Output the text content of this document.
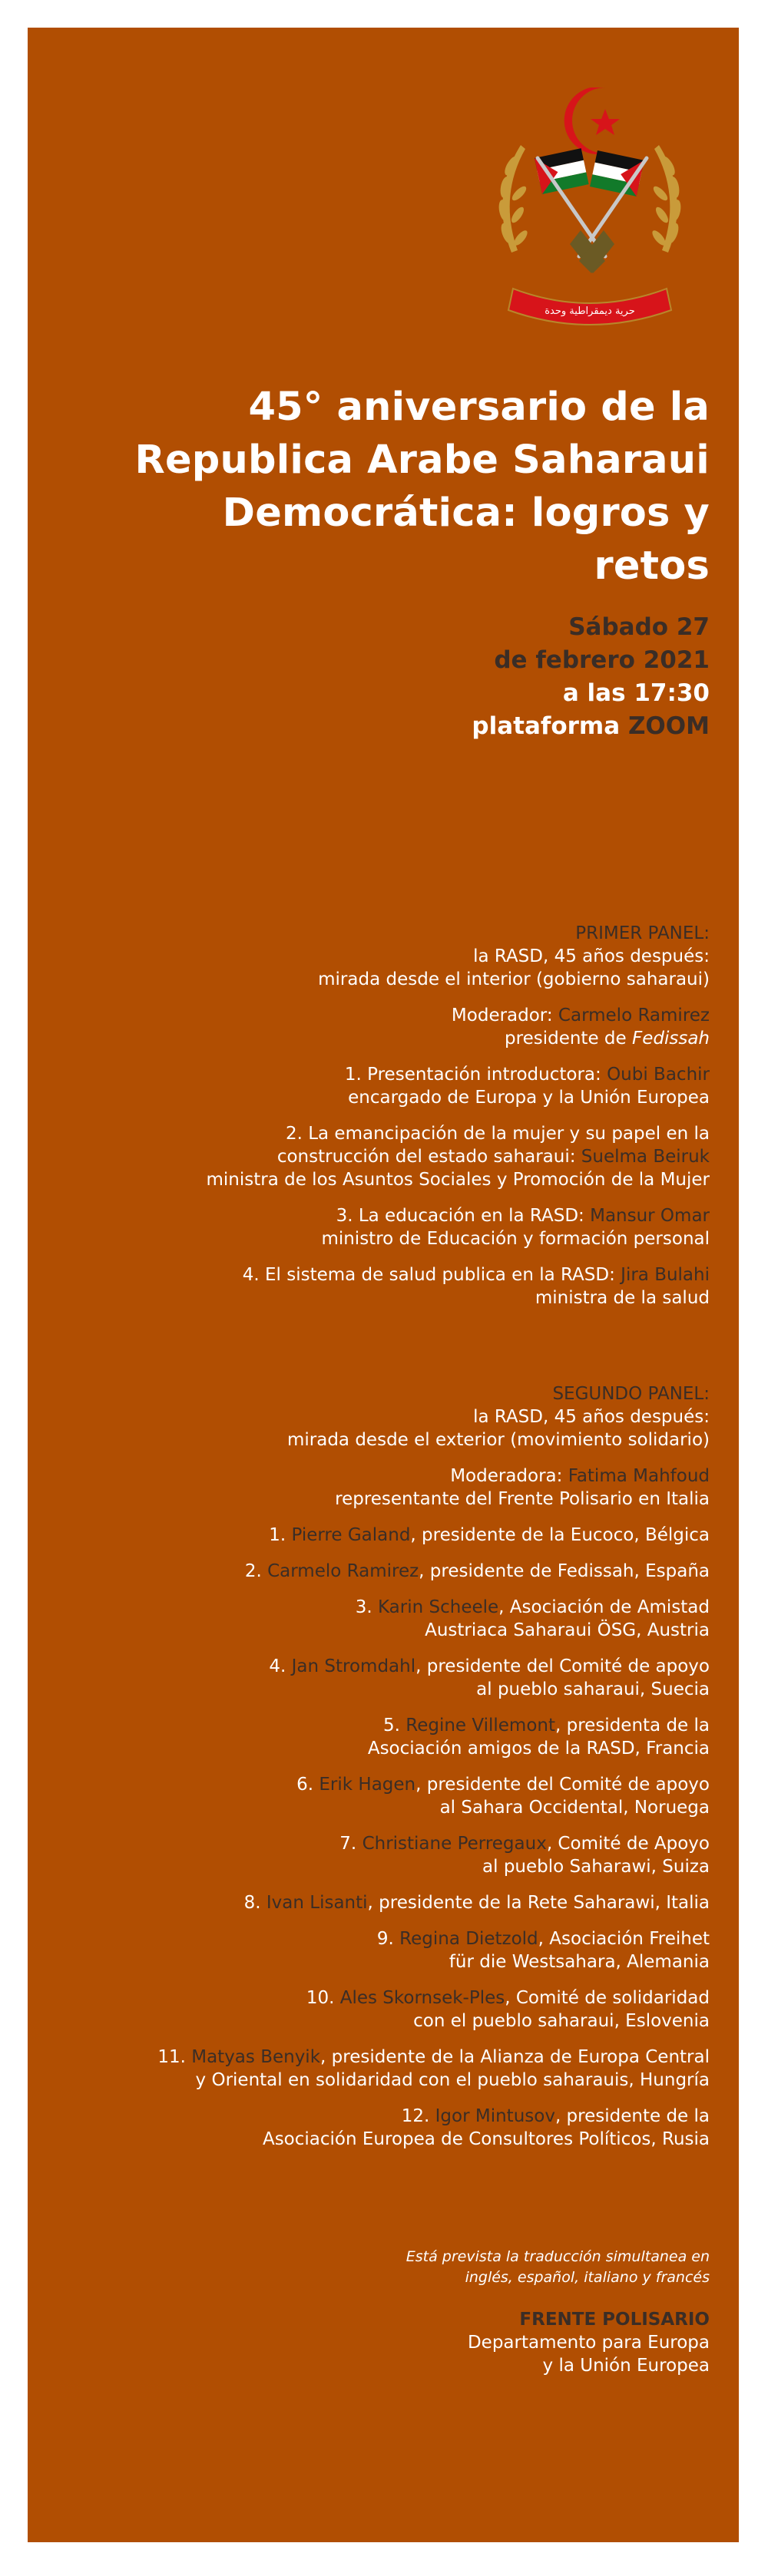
حرية ديمقراطية وحدة
45° aniversario de la
Republica Arabe Saharaui
Democrática: logros y retos
Sábado 27
de febrero 2021
a las 17:30
plataforma ZOOM
PRIMER PANEL:
la RASD, 45 años después:
mirada desde el interior (gobierno saharaui)
Moderador: Carmelo Ramirez
presidente de Fedissah
1. Presentación introductora: Oubi Bachir
encargado de Europa y la Unión Europea
2. La emancipación de la mujer y su papel en la
construcción del estado saharaui: Suelma Beiruk
ministra de los Asuntos Sociales y Promoción de la Mujer
3. La educación en la RASD: Mansur Omar
ministro de Educación y formación personal
4. El sistema de salud publica en la RASD: Jira Bulahi
ministra de la salud
SEGUNDO PANEL:
la RASD, 45 años después:
mirada desde el exterior (movimiento solidario)
Moderadora: Fatima Mahfoud
representante del Frente Polisario en Italia
1. Pierre Galand, presidente de la Eucoco, Bélgica
2. Carmelo Ramirez, presidente de Fedissah, España
3. Karin Scheele, Asociación de Amistad
Austriaca Saharaui ÖSG, Austria
4. Jan Stromdahl, presidente del Comité de apoyo
al pueblo saharaui, Suecia
5. Regine Villemont, presidenta de la
Asociación amigos de la RASD, Francia
6. Erik Hagen, presidente del Comité de apoyo
al Sahara Occidental, Noruega
7. Christiane Perregaux, Comité de Apoyo
al pueblo Saharawi, Suiza
8. Ivan Lisanti, presidente de la Rete Saharawi, Italia
9. Regina Dietzold, Asociación Freihet
für die Westsahara, Alemania
10. Ales Skornsek-Ples, Comité de solidaridad
con el pueblo saharaui, Eslovenia
11. Matyas Benyik, presidente de la Alianza de Europa Central
y Oriental en solidaridad con el pueblo saharauis, Hungría
12. Igor Mintusov, presidente de la
Asociación Europea de Consultores Políticos, Rusia
Está prevista la traducción simultanea en
inglés, español, italiano y francés
FRENTE POLISARIO
Departamento para Europa
y la Unión Europea
